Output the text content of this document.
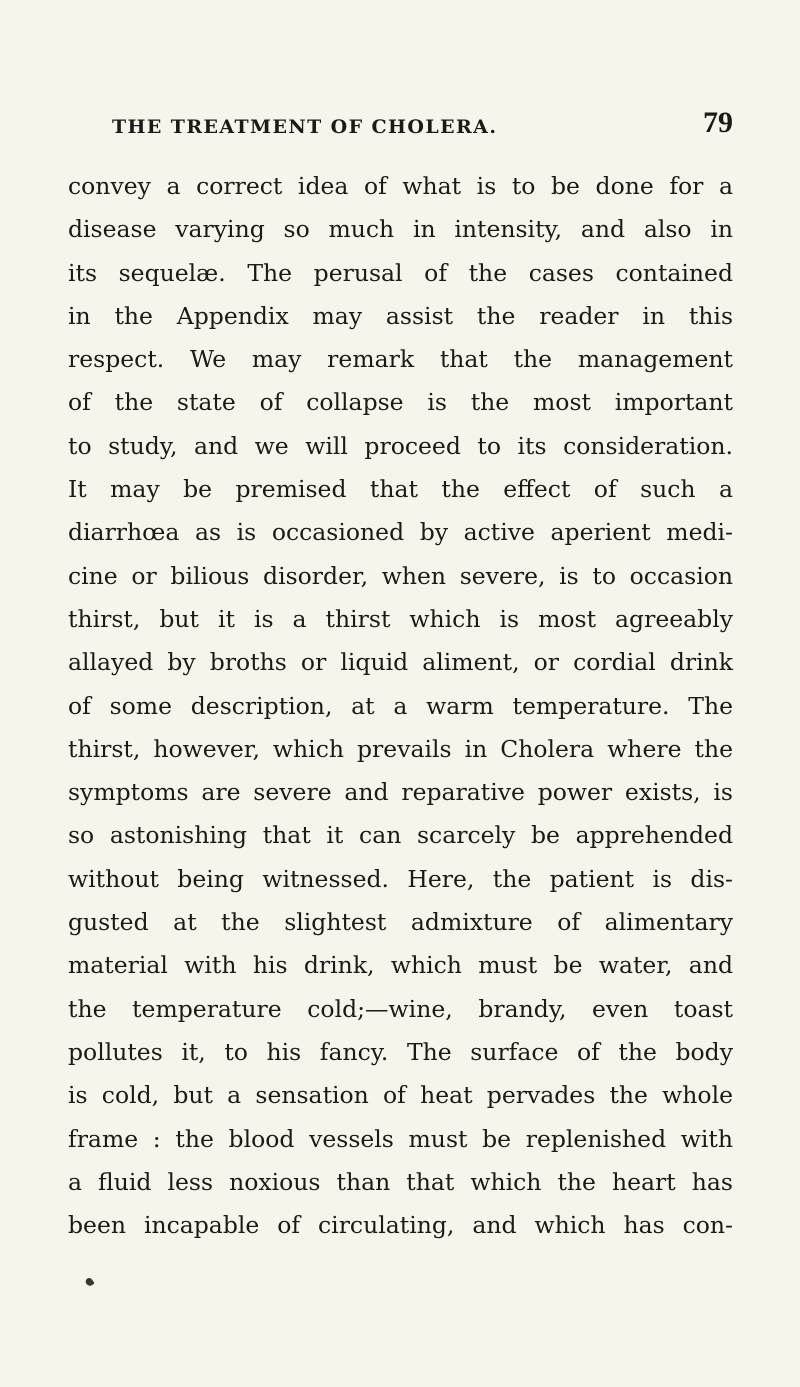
THE TREATMENT OF CHOLERA.	79
convey a correct idea of what is to be done for a
disease varying so much in intensity, and also in
its sequelæ. The perusal of the cases contained
in the Appendix may assist the reader in this
respect. We may remark that the management
of the state of collapse is the most important
to study, and we will proceed to its consideration.
It may be premised that the effect of such a
diarrhœa as is occasioned by active aperient medi-
cine or bilious disorder, when severe, is to occasion
thirst, but it is a thirst which is most agreeably
allayed by broths or liquid aliment, or cordial drink
of some description, at a warm temperature. The
thirst, however, which prevails in Cholera where the
symptoms are severe and reparative power exists, is
so astonishing that it can scarcely be apprehended
without being witnessed. Here, the patient is dis-
gusted at the slightest admixture of alimentary
material with his drink, which must be water, and
the temperature cold;—wine, brandy, even toast
pollutes it, to his fancy. The surface of the body
is cold, but a sensation of heat pervades the whole
frame : the blood vessels must be replenished with
a fluid less noxious than that which the heart has
been incapable of circulating, and which has con-
